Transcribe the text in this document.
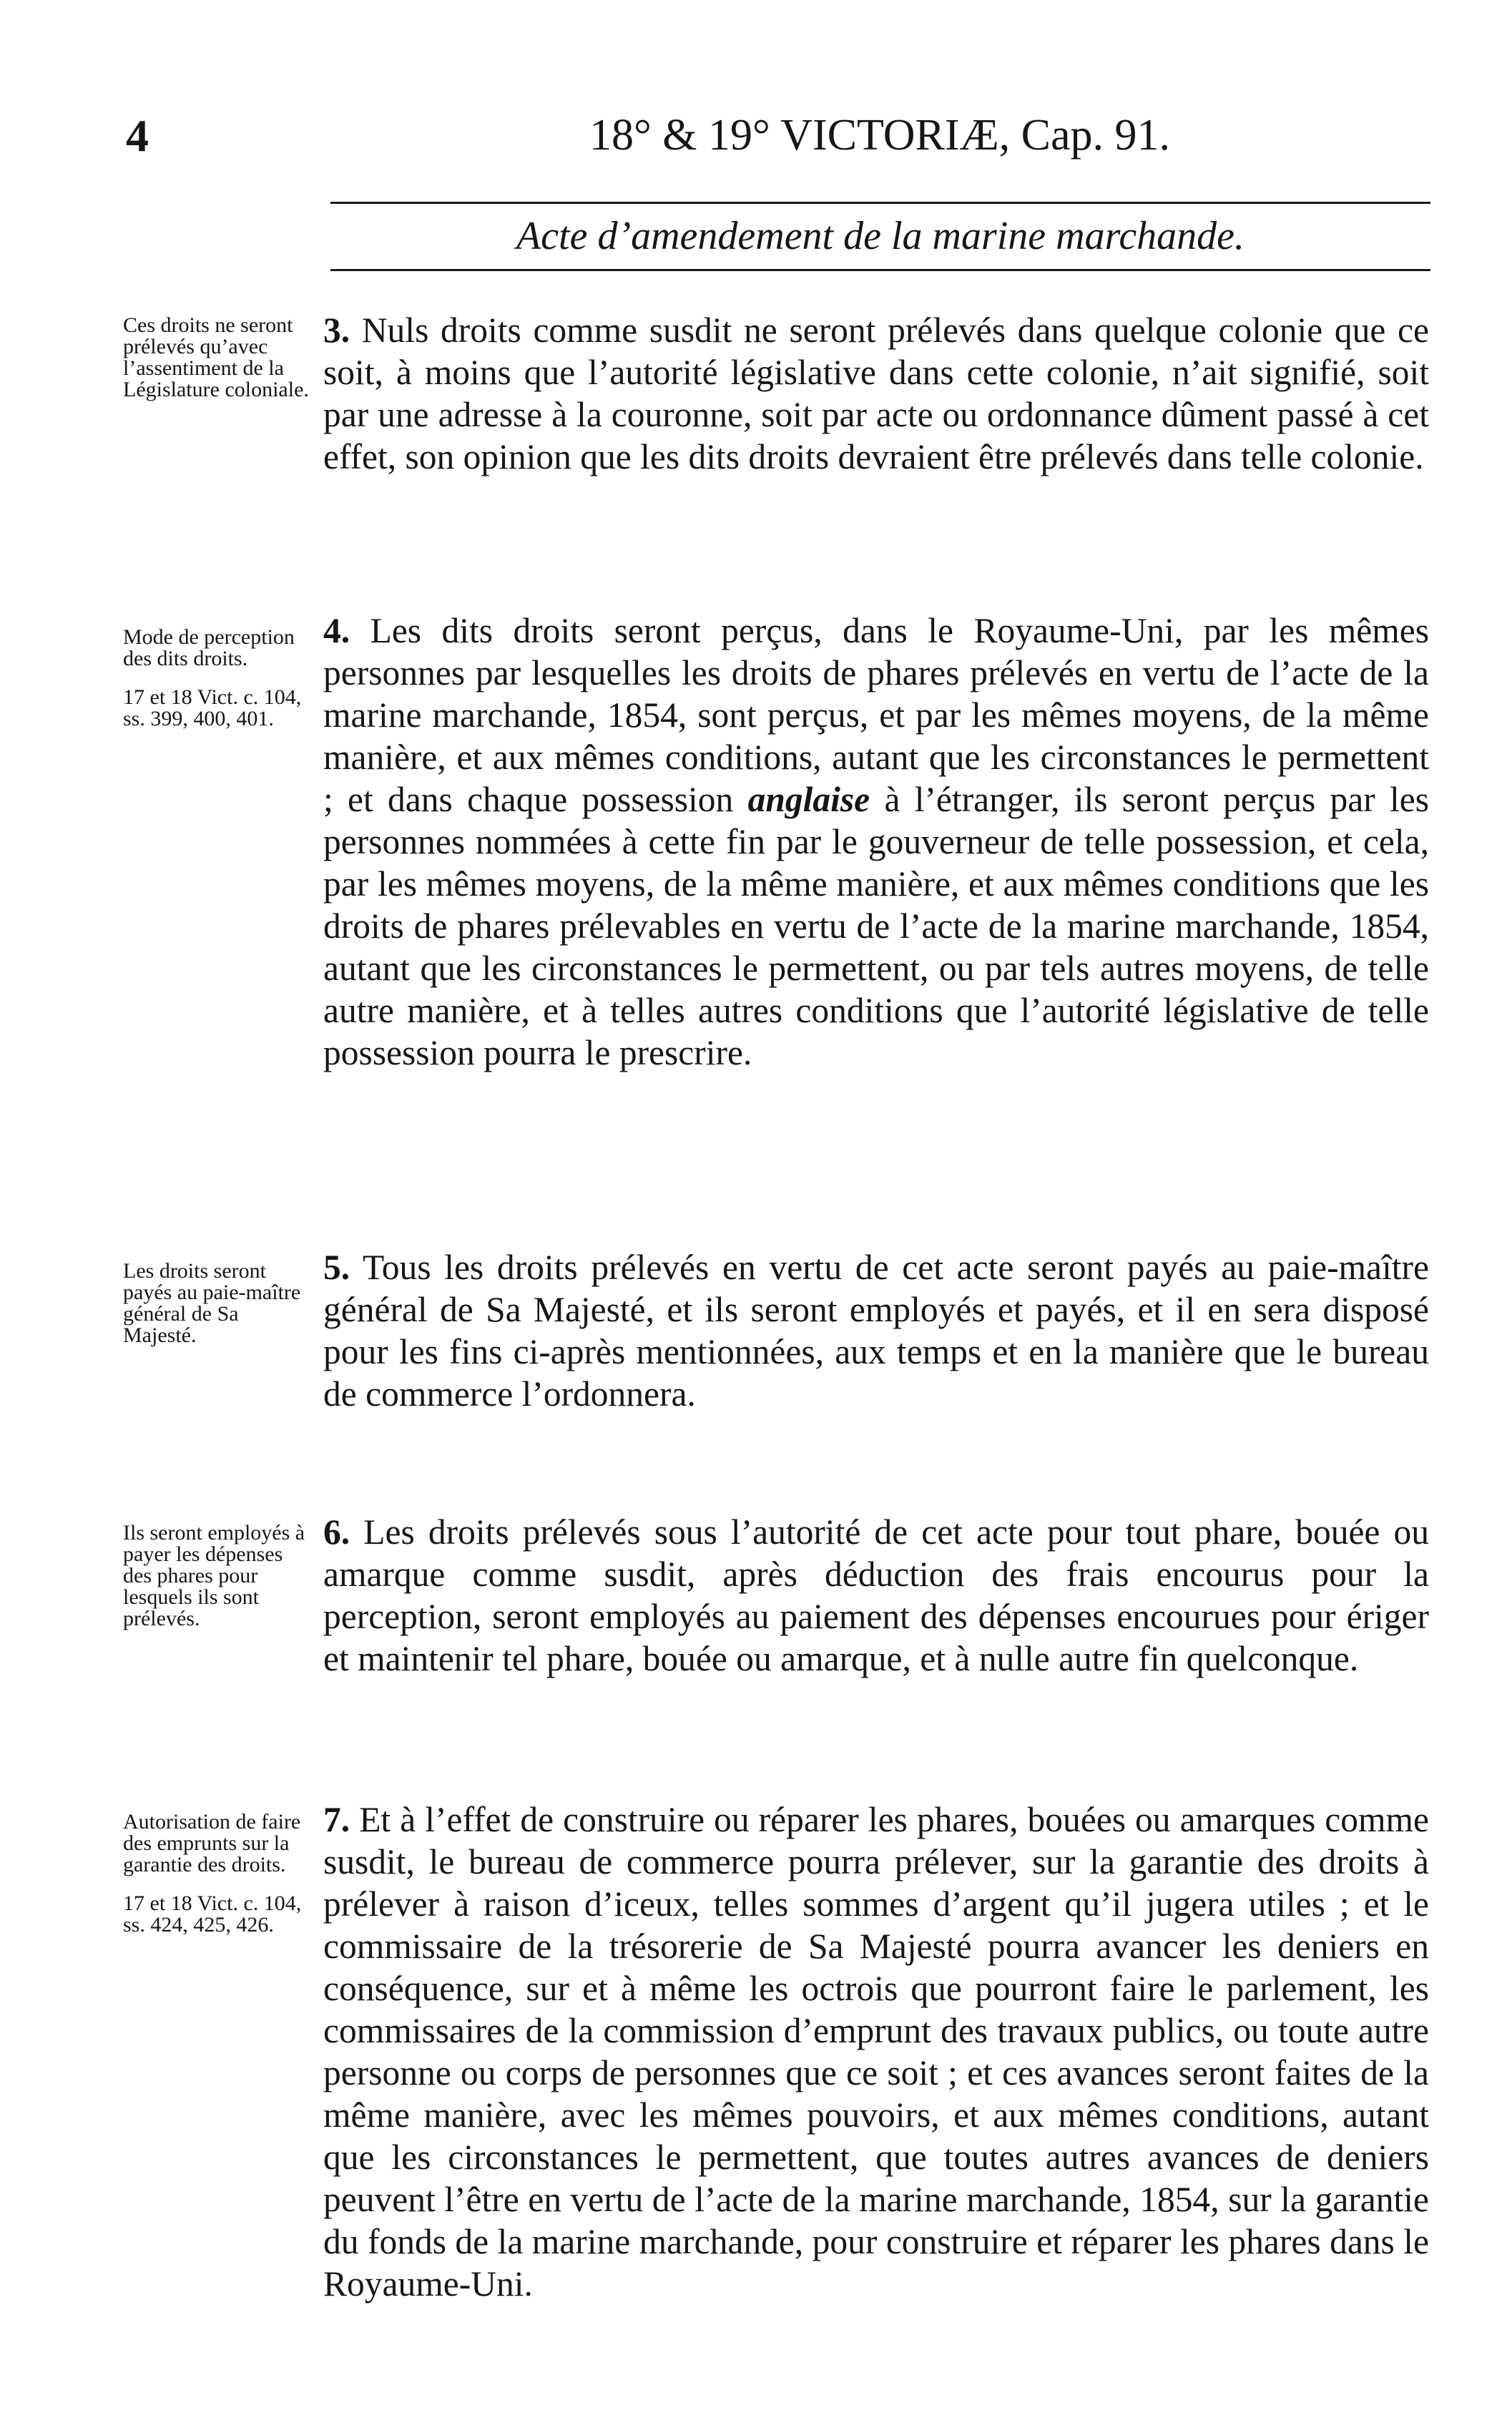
4	18° & 19° VICTORIÆ, Cap. 91.
Acte d’amendement de la marine marchande.

Ces droits ne seront prélevés qu’avec l’assentiment de la Législature coloniale.

3. Nuls droits comme susdit ne seront prélevés dans quelque colonie que ce soit, à moins que l’autorité législative dans cette colonie, n’ait signifié, soit par une adresse à la couronne, soit par acte ou ordonnance dûment passé à cet effet, son opinion que les dits droits devraient être prélevés dans telle colonie.

Mode de perception des dits droits.

17 et 18 Vict. c. 104, ss. 399, 400, 401.

4. Les dits droits seront perçus, dans le Royaume-Uni, par les mêmes personnes par lesquelles les droits de phares prélevés en vertu de l’acte de la marine marchande, 1854, sont perçus, et par les mêmes moyens, de la même manière, et aux mêmes conditions, autant que les circonstances le permettent ; et dans chaque possession anglaise à l’étranger, ils seront perçus par les personnes nommées à cette fin par le gouverneur de telle possession, et cela, par les mêmes moyens, de la même manière, et aux mêmes conditions que les droits de phares prélevables en vertu de l’acte de la marine marchande, 1854, autant que les circonstances le permettent, ou par tels autres moyens, de telle autre manière, et à telles autres conditions que l’autorité législative de telle possession pourra le prescrire.

Les droits seront payés au paie-maître général de Sa Majesté.

5. Tous les droits prélevés en vertu de cet acte seront payés au paie-maître général de Sa Majesté, et ils seront employés et payés, et il en sera disposé pour les fins ci-après mentionnées, aux temps et en la manière que le bureau de commerce l’ordonnera.

Ils seront employés à payer les dépenses des phares pour lesquels ils sont prélevés.

6. Les droits prélevés sous l’autorité de cet acte pour tout phare, bouée ou amarque comme susdit, après déduction des frais encourus pour la perception, seront employés au paiement des dépenses encourues pour ériger et maintenir tel phare, bouée ou amarque, et à nulle autre fin quelconque.

Autorisation de faire des emprunts sur la garantie des droits.

17 et 18 Vict. c. 104, ss. 424, 425, 426.

7. Et à l’effet de construire ou réparer les phares, bouées ou amarques comme susdit, le bureau de commerce pourra prélever, sur la garantie des droits à prélever à raison d’iceux, telles sommes d’argent qu’il jugera utiles ; et le commissaire de la trésorerie de Sa Majesté pourra avancer les deniers en conséquence, sur et à même les octrois que pourront faire le parlement, les commissaires de la commission d’emprunt des travaux publics, ou toute autre personne ou corps de personnes que ce soit ; et ces avances seront faites de la même manière, avec les mêmes pouvoirs, et aux mêmes conditions, autant que les circonstances le permettent, que toutes autres avances de deniers peuvent l’être en vertu de l’acte de la marine marchande, 1854, sur la garantie du fonds de la marine marchande, pour construire et réparer les phares dans le Royaume-Uni.
